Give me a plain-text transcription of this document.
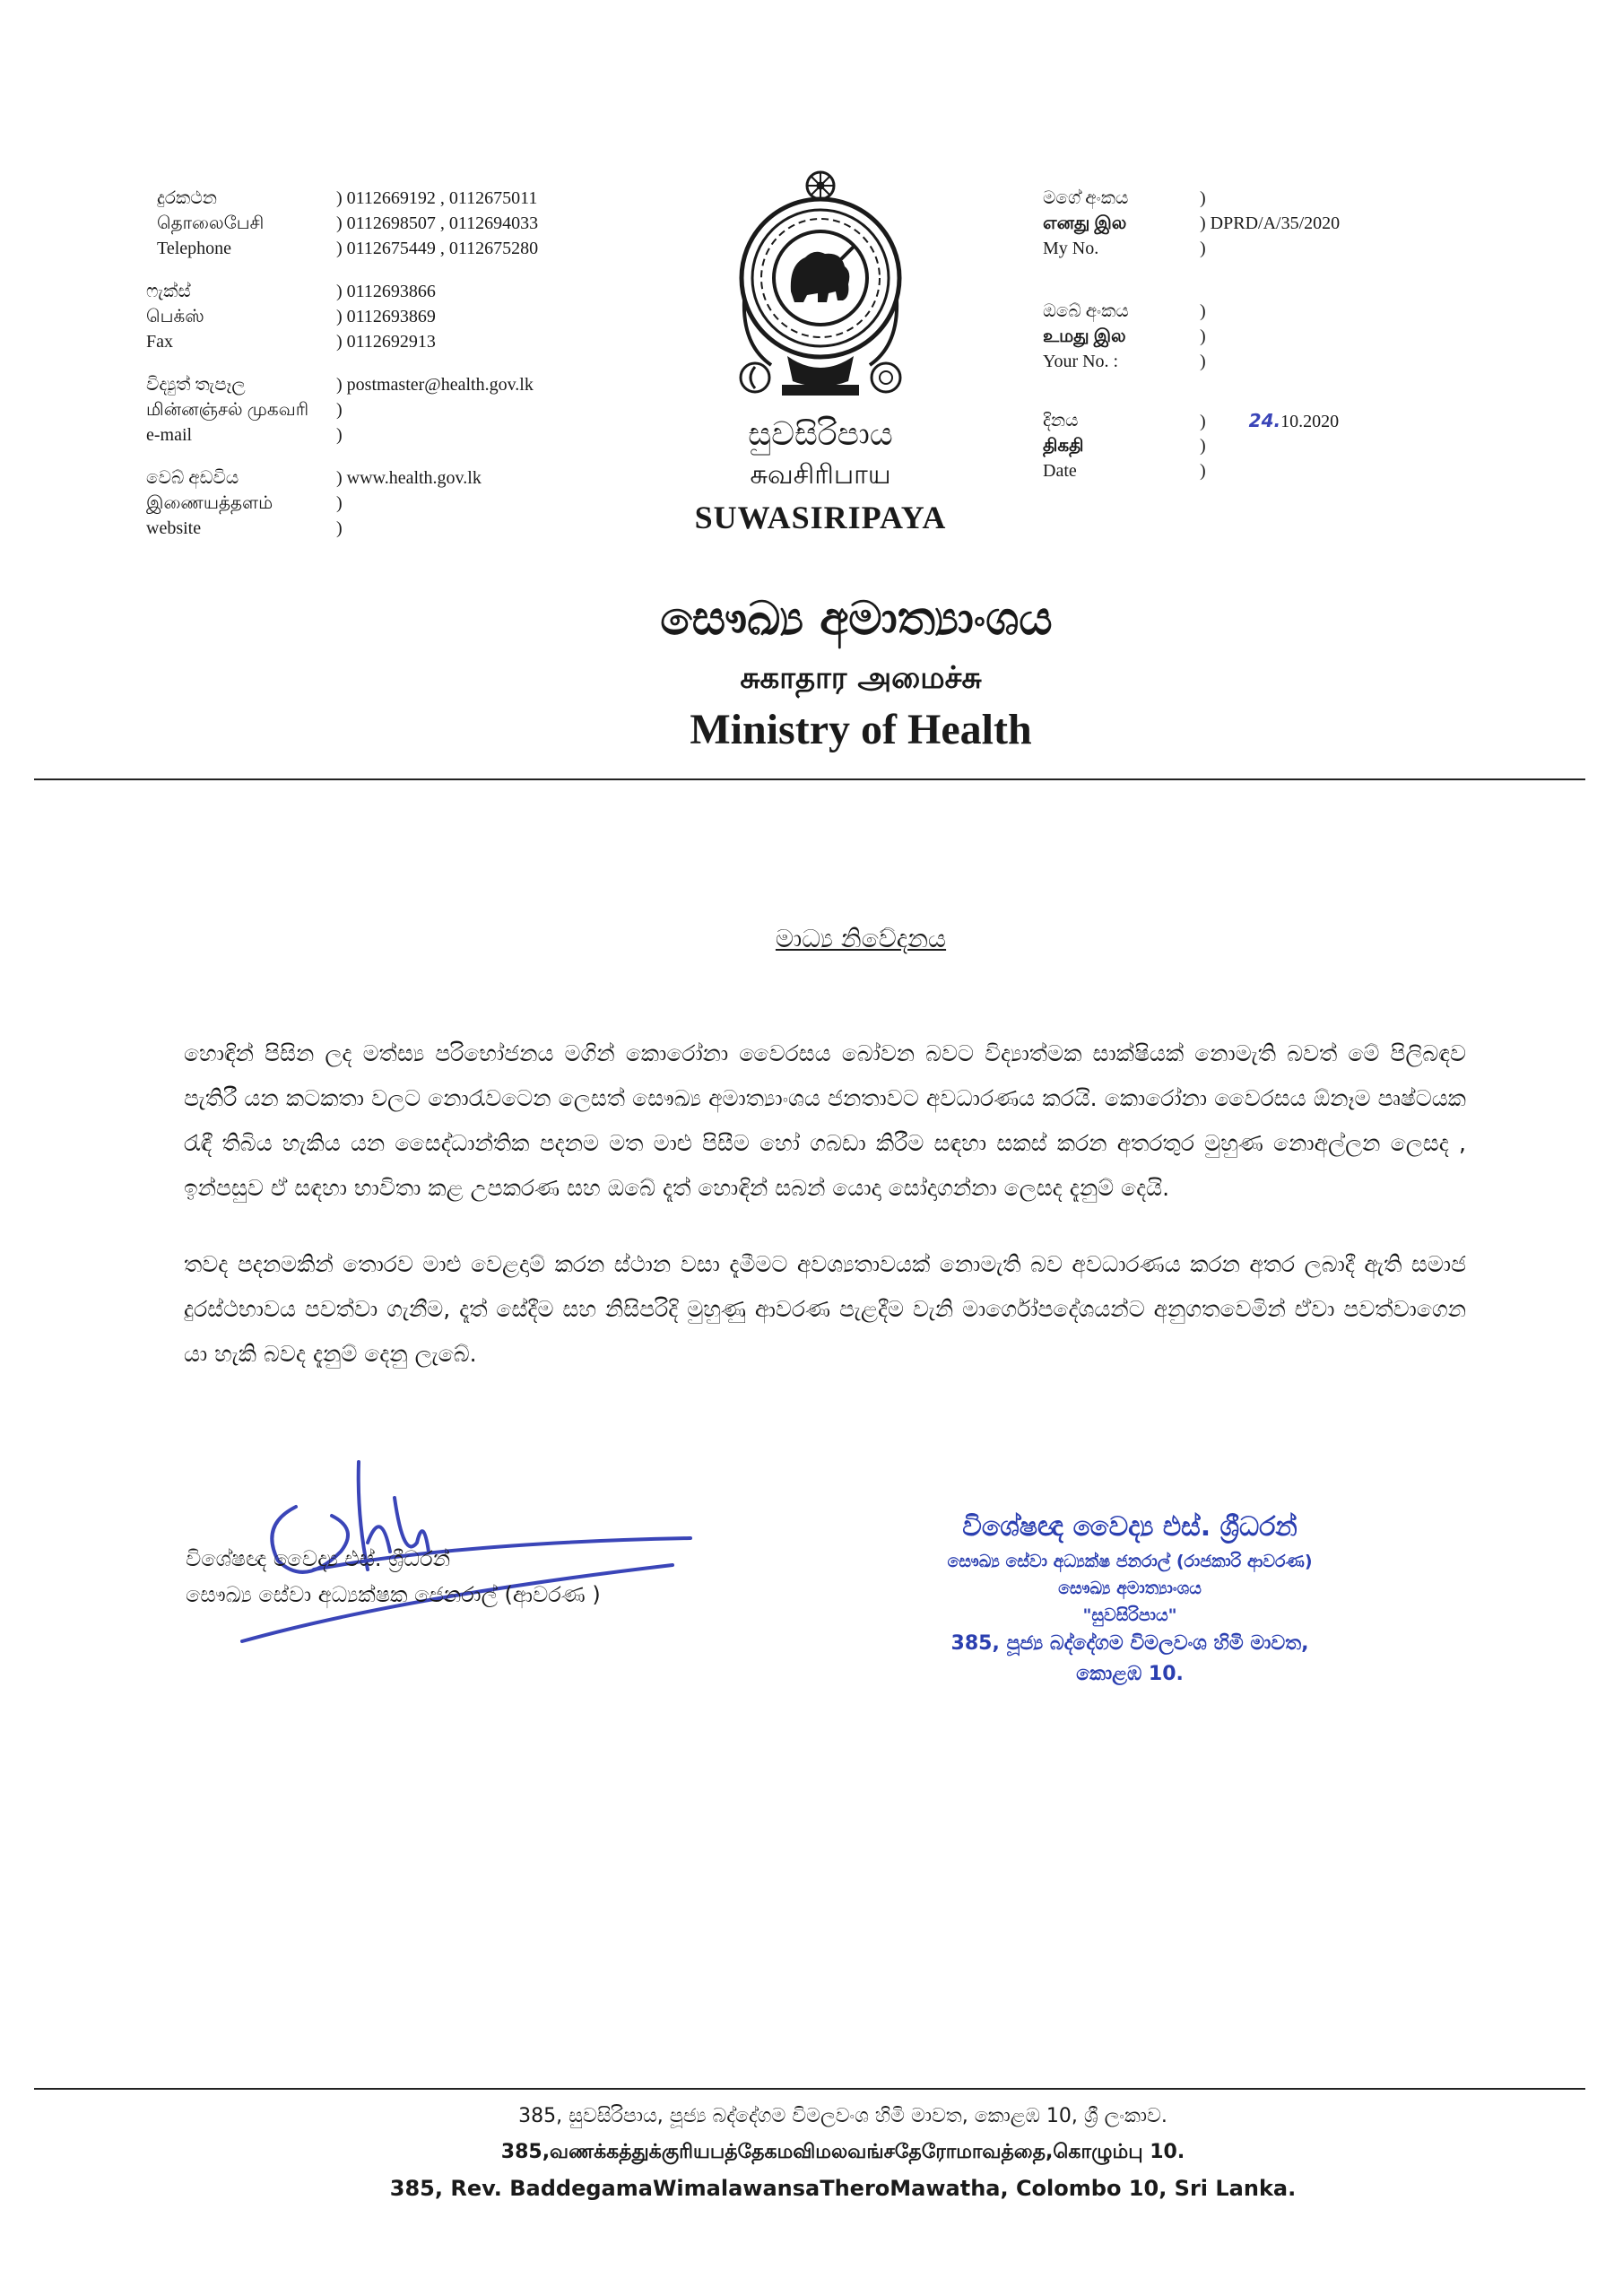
දුරකථන	) 0112669192 , 0112675011
தொலைபேசி	) 0112698507 , 0112694033
Telephone	) 0112675449 , 0112675280
ෆැක්ස්	) 0112693866
பெக்ஸ்	) 0112693869
Fax	) 0112692913
විද්‍යුත් තැපෑල	) postmaster@health.gov.lk
மின்னஞ்சல் முகவரி	)
e-mail	)
වෙබ් අඩවිය	) www.health.gov.lk
இணையத்தளம்	)
website	)
සුවසිරිපාය
சுவசிரிபாய
SUWASIRIPAYA
මගේ අංකය	)
எனது இல	) DPRD/A/35/2020
My No.	)
ඔබේ අංකය	)
உமது இல	)
Your No. :	)
දිනය	) 24.10.2020
திகதி	)
Date	)
සෞඛ්‍ය අමාත්‍යාංශය
சுகாதார அமைச்சு
Ministry of Health
මාධ්‍ය නිවේදනය
හොඳින් පිසින ලද මත්ස්‍ය පරිභෝජනය මගින් කොරෝනා වෛරසය බෝවන බවට විද්‍යාත්මක සාක්ෂියක් නොමැති බවත් මේ පිලිබඳව පැතිරී යන කටකතා වලට නොරැවටෙන ලෙසත් සෞඛ්‍ය අමාත්‍යාංශය ජනතාවට අවධාරණය කරයි. කොරෝනා වෛරසය ඕනෑම පෘෂ්ටයක රැඳී තිබිය හැකිය යන සෛද්ධාන්තික පදනම මත මාළු පිසීම හෝ ගබඩා කිරීම සඳහා සකස් කරන අතරතුර මුහුණ නොඅල්ලන ලෙසද , ඉන්පසුව ඒ සඳහා භාවිතා කළ උපකරණ සහ ඔබේ දෑත් හොඳින් සබන් යොදා සෝදාගන්නා ලෙසද දැනුම් දෙයි.
තවද පදනමකින් තොරව මාළු වෙළදාම් කරන ස්ථාන වසා දැමීමට අවශ්‍යතාවයක් නොමැති බව අවධාරණය කරන අතර ලබාදී ඇති සමාජ දුරස්ථභාවය පවත්වා ගැනීම, දෑත් සේදීම සහ නිසිපරිදි මුහුණු ආවරණ පැළදීම වැනි මාර්ගෝපදේශයන්ට අනුගතවෙමින් ඒවා පවත්වාගෙන යා හැකි බවද දැනුම් දෙනු ලැබේ.
විශේෂඥ වෛද්‍ය එස්. ශ්‍රීධරන්
සෞඛ්‍ය සේවා අධ්‍යක්ෂක ජෙනරාල් (ආවරණ )
විශේෂඥ වෛද්‍ය එස්. ශ්‍රීධරන්
සෞඛ්‍ය සේවා අධ්‍යක්ෂ ජනරාල් (රාජකාරි ආවරණ)
සෞඛ්‍ය අමාත්‍යාංශය
"සුවසිරිපාය"
385, පූජ්‍ය බද්දේගම විමලවංශ හිමි මාවත,
කොළඹ 10.
385, සුවසිරිපාය, පූජ්‍ය බද්දේගම විමලවංශ හිමි මාවත, කොළඹ 10, ශ්‍රී ලංකාව.
385,வணக்கத்துக்குரியபத்தேகமவிமலவங்சதேரோமாவத்தை,கொழும்பு 10.
385, Rev. BaddegamaWimalawansaTheroMawatha, Colombo 10, Sri Lanka.
